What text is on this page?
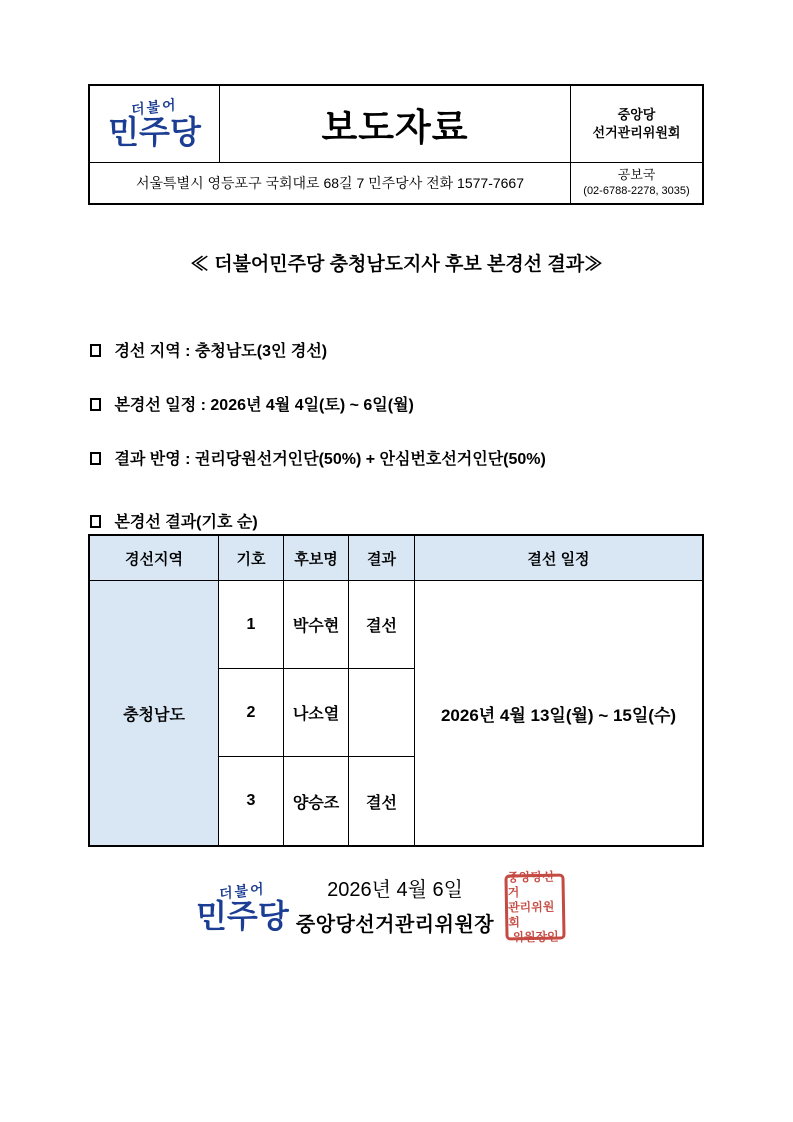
더불어
민주당	보도자료	중앙당
선거관리위원회
서울특별시 영등포구 국회대로 68길 7 민주당사 전화 1577-7667
공보국
(02-6788-2278, 3035)
≪ 더불어민주당 충청남도지사 후보 본경선 결과≫
경선 지역 : 충청남도(3인 경선)
본경선 일정 : 2026년 4월 4일(토) ~ 6일(월)
결과 반영 : 권리당원선거인단(50%) + 안심번호선거인단(50%)
본경선 결과(기호 순)
경선지역	기호	후보명	결과	결선 일정
충청남도
1	박수현	결선
2	나소열
3	양승조	결선
2026년 4월 13일(월) ~ 15일(수)
더불어
민주당
2026년 4월 6일
중앙당선거관리위원장
중앙당선거
관리위원회
위원장인
